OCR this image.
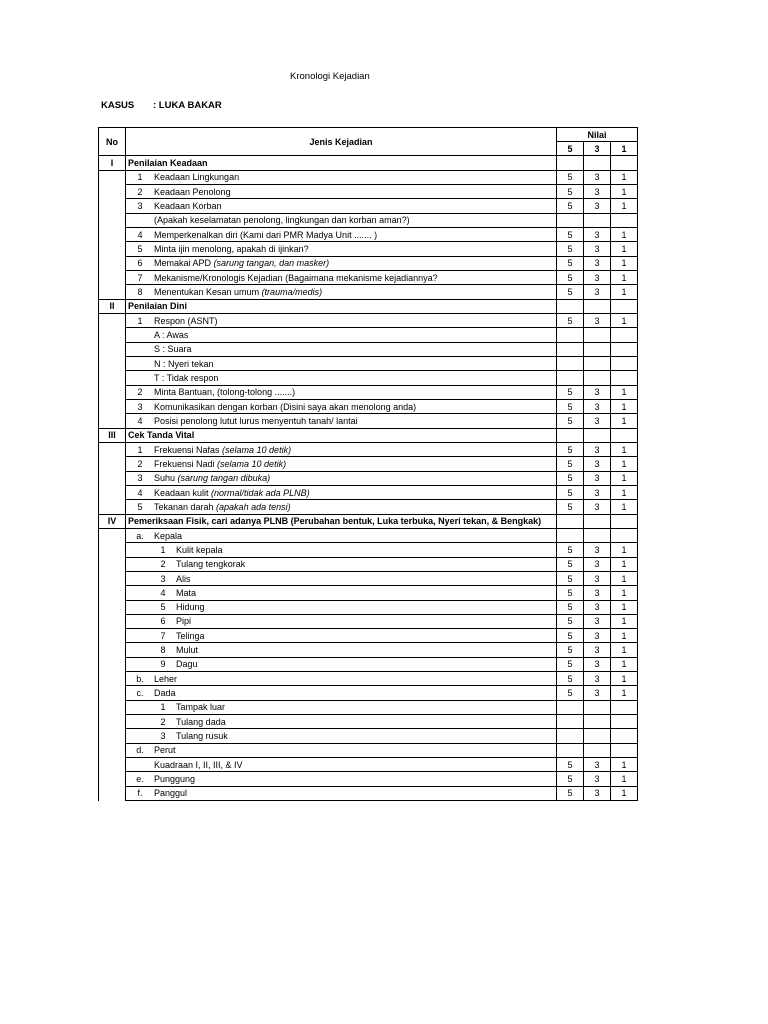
Kronologi Kejadian
KASUS : LUKA BAKAR
No	Jenis Kejadian	Nilai		
		5	3	1
I	Penilaian Keadaan			
	1 Keadaan Lingkungan	5	3	1
	2 Keadaan Penolong	5	3	1
	3 Keadaan Korban	5	3	1
	(Apakah keselamatan penolong, lingkungan dan korban aman?)			
	4 Memperkenalkan diri (Kami dari PMR Madya Unit ....... )	5	3	1
	5 Minta ijin menolong, apakah di ijinkan?	5	3	1
	6 Memakai APD (sarung tangan, dan masker)	5	3	1
	7 Mekanisme/Kronologis Kejadian (Bagaimana mekanisme kejadiannya?	5	3	1
	8 Menentukan Kesan umum (trauma/medis)	5	3	1
II	Penilaian Dini			
	1 Respon (ASNT)	5	3	1
	A : Awas			
	S : Suara			
	N : Nyeri tekan			
	T : Tidak respon			
	2 Minta Bantuan, (tolong-tolong .......)	5	3	1
	3 Komunikasikan dengan korban (Disini saya akan menolong anda)	5	3	1
	4 Posisi penolong lutut lurus menyentuh tanah/ lantai	5	3	1
III	Cek Tanda Vital			
	1 Frekuensi Nafas (selama 10 detik)	5	3	1
	2 Frekuensi Nadi (selama 10 detik)	5	3	1
	3 Suhu (sarung tangan dibuka)	5	3	1
	4 Keadaan kulit (normal/tidak ada PLNB)	5	3	1
	5 Tekanan darah (apakah ada tensi)	5	3	1
IV	Pemeriksaan Fisik, cari adanya PLNB (Perubahan bentuk, Luka terbuka, Nyeri tekan, & Bengkak)			
	a. Kepala			
	1 Kulit kepala	5	3	1
	2 Tulang tengkorak	5	3	1
	3 Alis	5	3	1
	4 Mata	5	3	1
	5 Hidung	5	3	1
	6 Pipi	5	3	1
	7 Telinga	5	3	1
	8 Mulut	5	3	1
	9 Dagu	5	3	1
	b. Leher	5	3	1
	c. Dada	5	3	1
	1 Tampak luar			
	2 Tulang dada			
	3 Tulang rusuk			
	d. Perut			
	Kuadraan I, II, III, & IV	5	3	1
	e. Punggung	5	3	1
	f. Panggul	5	3	1
